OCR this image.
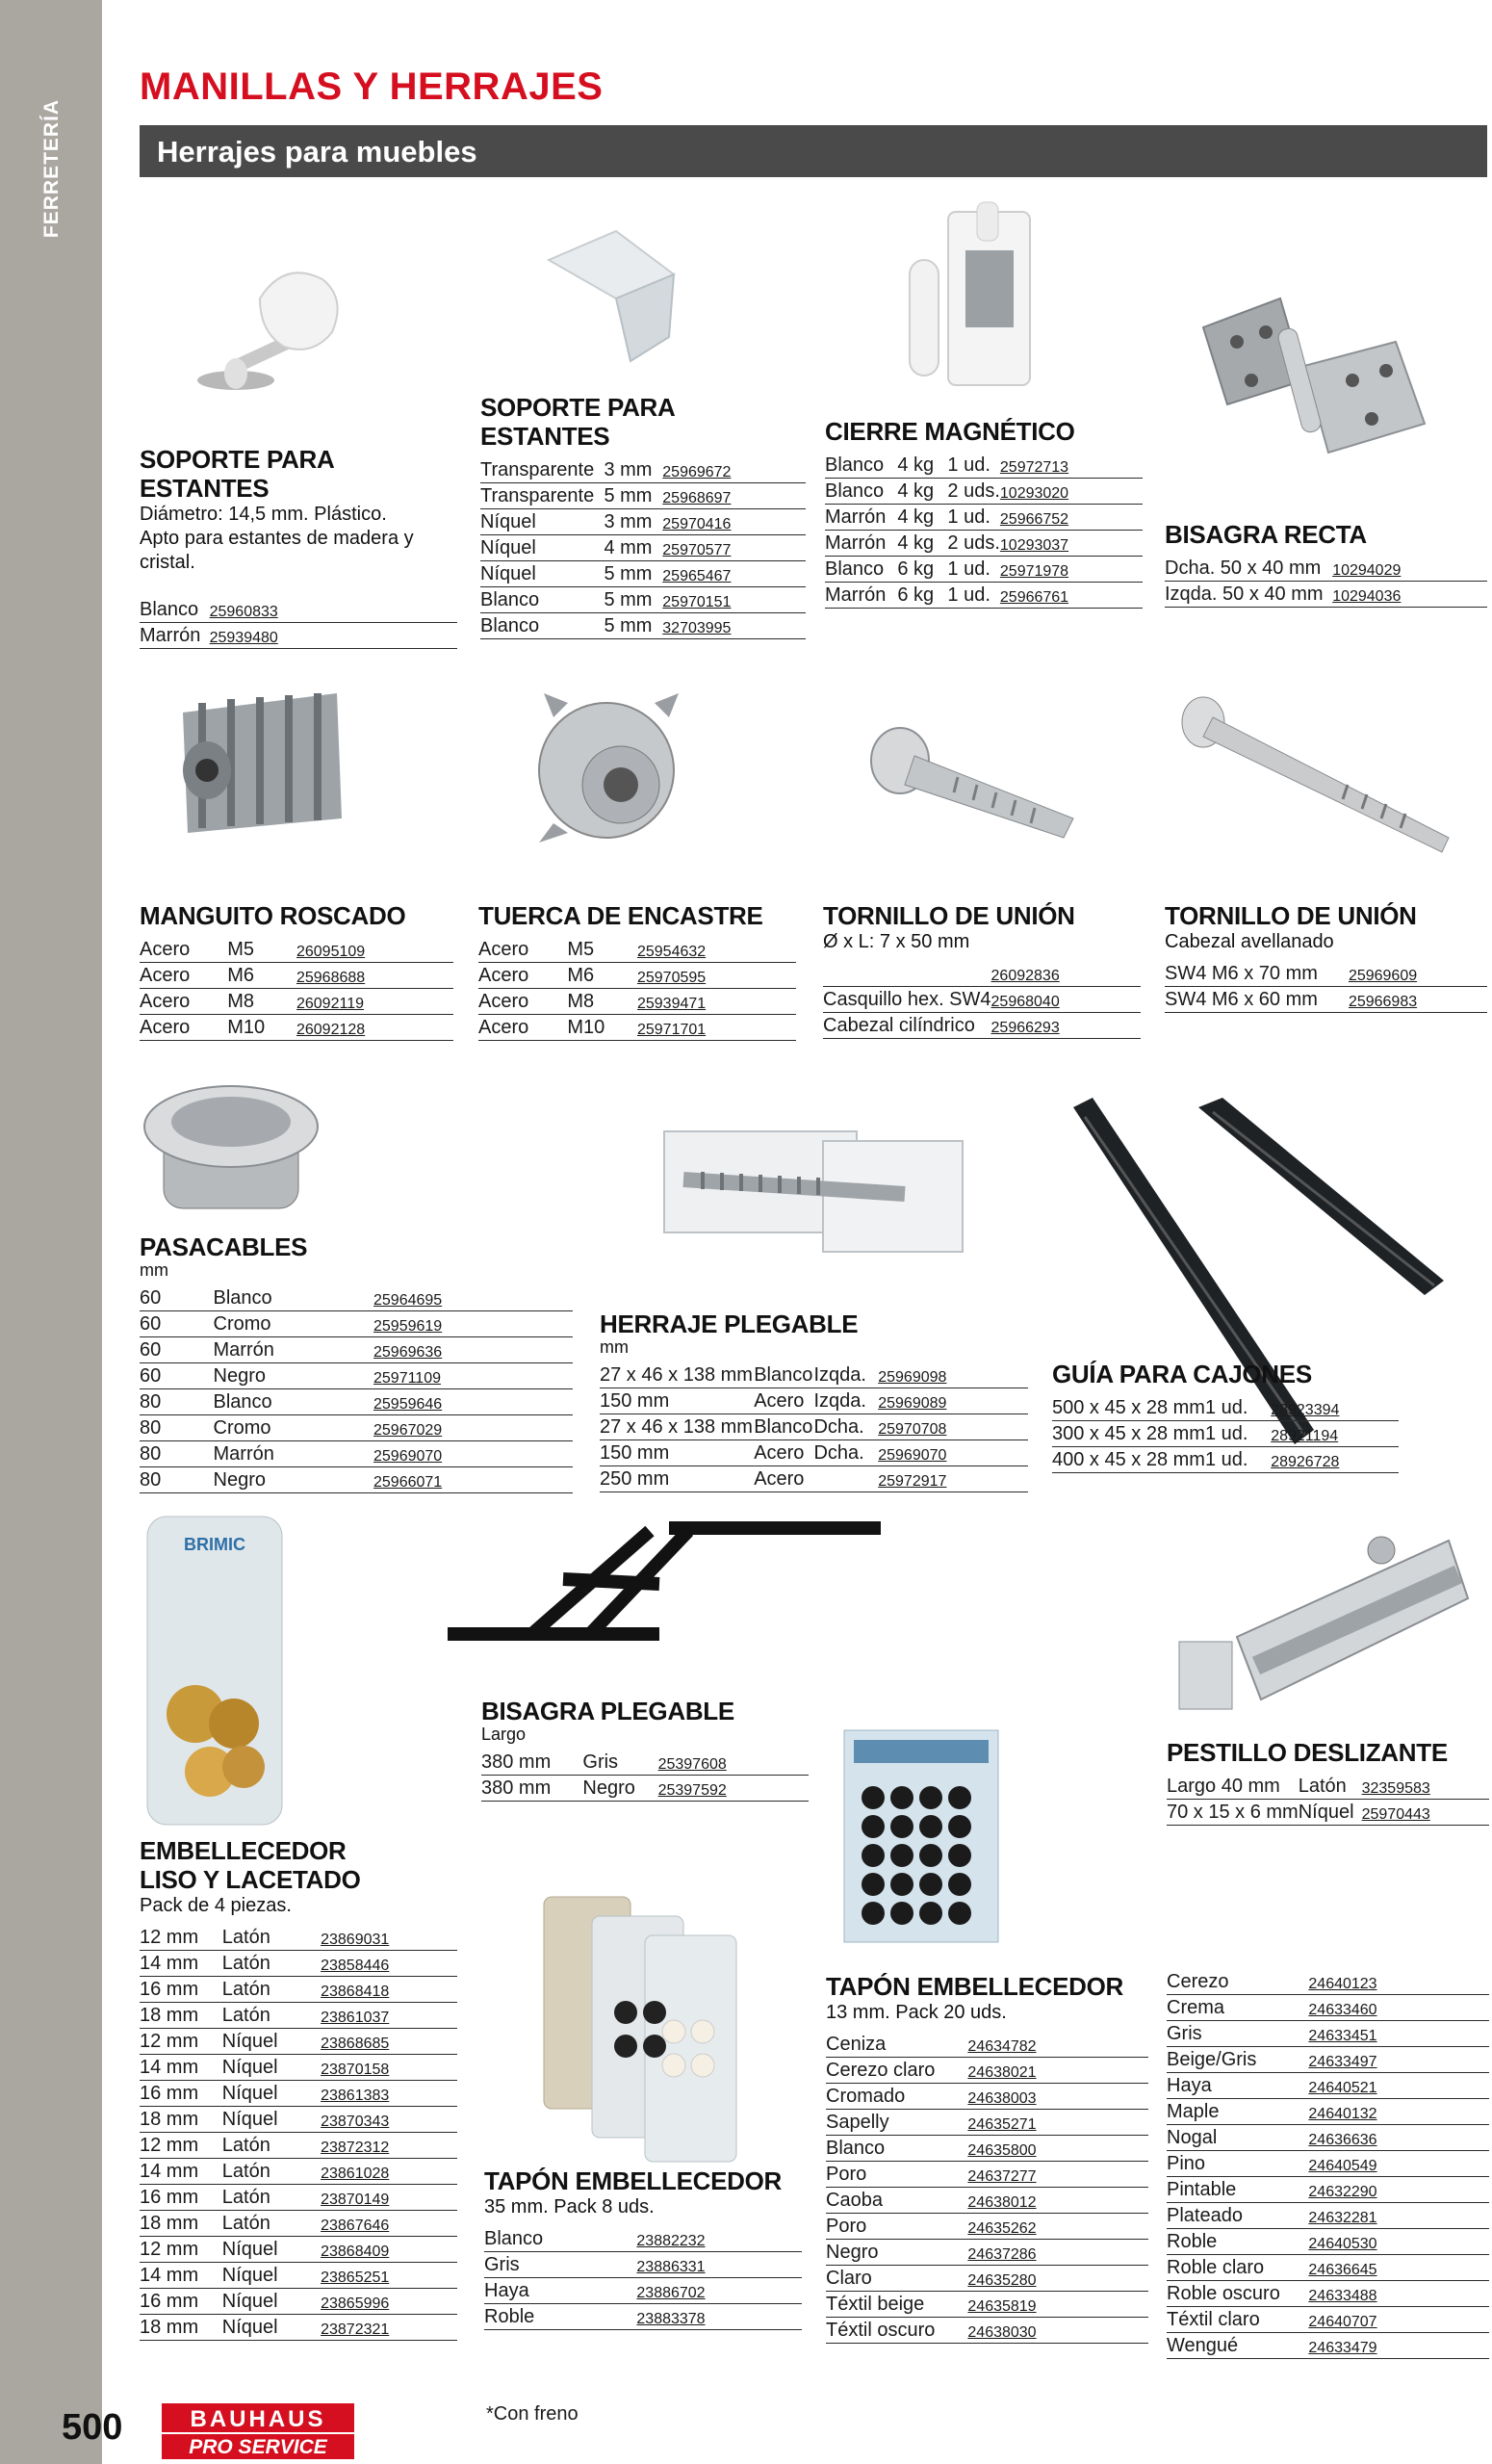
FERRETERÍA
MANILLAS Y HERRAJES
Herrajes para muebles
BRIMIC
SOPORTE PARA ESTANTES
Diámetro: 14,5 mm. Plástico.
Apto para estantes de madera y cristal.
Blanco		25960833
Marrón		25939480
SOPORTE PARA ESTANTES
Transparente	3 mm	25969672
Transparente	5 mm	25968697
Níquel	3 mm	25970416
Níquel	4 mm	25970577
Níquel	5 mm	25965467
Blanco	5 mm	25970151
Blanco	5 mm	32703995
CIERRE MAGNÉTICO
Blanco	4 kg	1 ud.	25972713
Blanco	4 kg	2 uds.	10293020
Marrón	4 kg	1 ud.	25966752
Marrón	4 kg	2 uds.	10293037
Blanco	6 kg	1 ud.	25971978
Marrón	6 kg	1 ud.	25966761
BISAGRA RECTA
Dcha. 50 x 40 mm	10294029
Izqda. 50 x 40 mm	10294036
MANGUITO ROSCADO
Acero	M5	26095109
Acero	M6	25968688
Acero	M8	26092119
Acero	M10	26092128
TUERCA DE ENCASTRE
Acero	M5	25954632
Acero	M6	25970595
Acero	M8	25939471
Acero	M10	25971701
TORNILLO DE UNIÓN
Ø x L: 7 x 50 mm
	26092836
Casquillo hex. SW4	25968040
Cabezal cilíndrico	25966293
TORNILLO DE UNIÓN
Cabezal avellanado
SW4 M6 x 70 mm	25969609
SW4 M6 x 60 mm	25966983
PASACABLES
mm
60	Blanco	25964695
60	Cromo	25959619
60	Marrón	25969636
60	Negro	25971109
80	Blanco	25959646
80	Cromo	25967029
80	Marrón	25969070
80	Negro	25966071
HERRAJE PLEGABLE
mm
27 x 46 x 138 mm	Blanco	Izqda.	25969098
150 mm	Acero	Izqda.	25969089
27 x 46 x 138 mm	Blanco	Dcha.	25970708
150 mm	Acero	Dcha.	25969070
250 mm	Acero		25972917
GUÍA PARA CAJONES
500 x 45 x 28 mm	1 ud.	28923394
300 x 45 x 28 mm	1 ud.	28921194
400 x 45 x 28 mm	1 ud.	28926728
BISAGRA PLEGABLE
Largo
380 mm	Gris	25397608
380 mm	Negro	25397592
PESTILLO DESLIZANTE
Largo 40 mm	Latón	32359583
70 x 15 x 6 mm	Níquel	25970443
EMBELLECEDOR
LISO Y LACETADO
Pack de 4 piezas.
12 mm	Latón	23869031
14 mm	Latón	23858446
16 mm	Latón	23868418
18 mm	Latón	23861037
12 mm	Níquel	23868685
14 mm	Níquel	23870158
16 mm	Níquel	23861383
18 mm	Níquel	23870343
12 mm	Latón	23872312
14 mm	Latón	23861028
16 mm	Latón	23870149
18 mm	Latón	23867646
12 mm	Níquel	23868409
14 mm	Níquel	23865251
16 mm	Níquel	23865996
18 mm	Níquel	23872321
TAPÓN EMBELLECEDOR
35 mm. Pack 8 uds.
Blanco	23882232
Gris	23886331
Haya	23886702
Roble	23883378
TAPÓN EMBELLECEDOR
13 mm. Pack 20 uds.
Ceniza	24634782
Cerezo claro	24638021
Cromado	24638003
Sapelly	24635271
Blanco	24635800
Poro	24637277
Caoba	24638012
Poro	24635262
Negro	24637286
Claro	24635280
Téxtil beige	24635819
Téxtil oscuro	24638030
Cerezo	24640123
Crema	24633460
Gris	24633451
Beige/Gris	24633497
Haya	24640521
Maple	24640132
Nogal	24636636
Pino	24640549
Pintable	24632290
Plateado	24632281
Roble	24640530
Roble claro	24636645
Roble oscuro	24633488
Téxtil claro	24640707
Wengué	24633479
500	BAUHAUS
PRO SERVICE
*Con freno
